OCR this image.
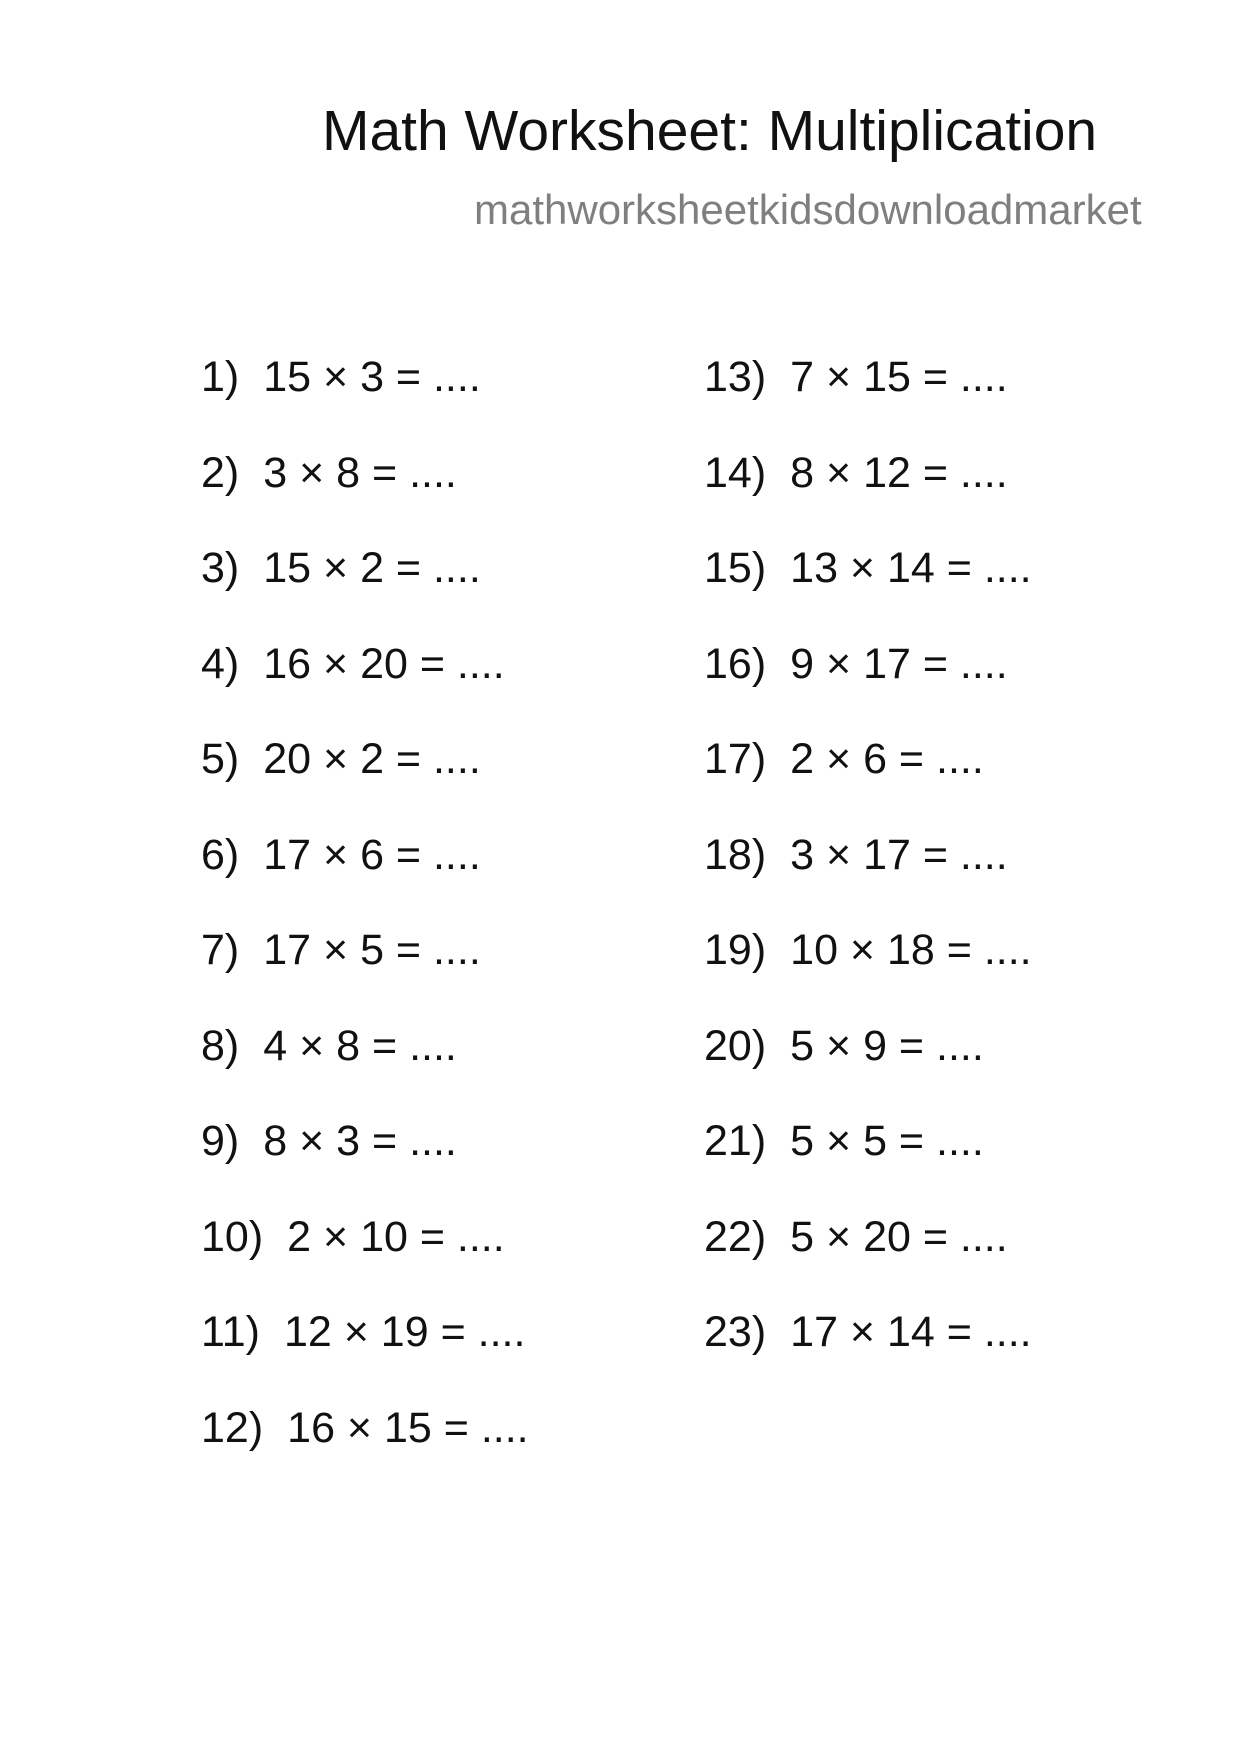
Math Worksheet: Multiplication
mathworksheetkidsdownloadmarket
1) 15 × 3 = ....
2) 3 × 8 = ....
3) 15 × 2 = ....
4) 16 × 20 = ....
5) 20 × 2 = ....
6) 17 × 6 = ....
7) 17 × 5 = ....
8) 4 × 8 = ....
9) 8 × 3 = ....
10) 2 × 10 = ....
11) 12 × 19 = ....
12) 16 × 15 = ....
13) 7 × 15 = ....
14) 8 × 12 = ....
15) 13 × 14 = ....
16) 9 × 17 = ....
17) 2 × 6 = ....
18) 3 × 17 = ....
19) 10 × 18 = ....
20) 5 × 9 = ....
21) 5 × 5 = ....
22) 5 × 20 = ....
23) 17 × 14 = ....
